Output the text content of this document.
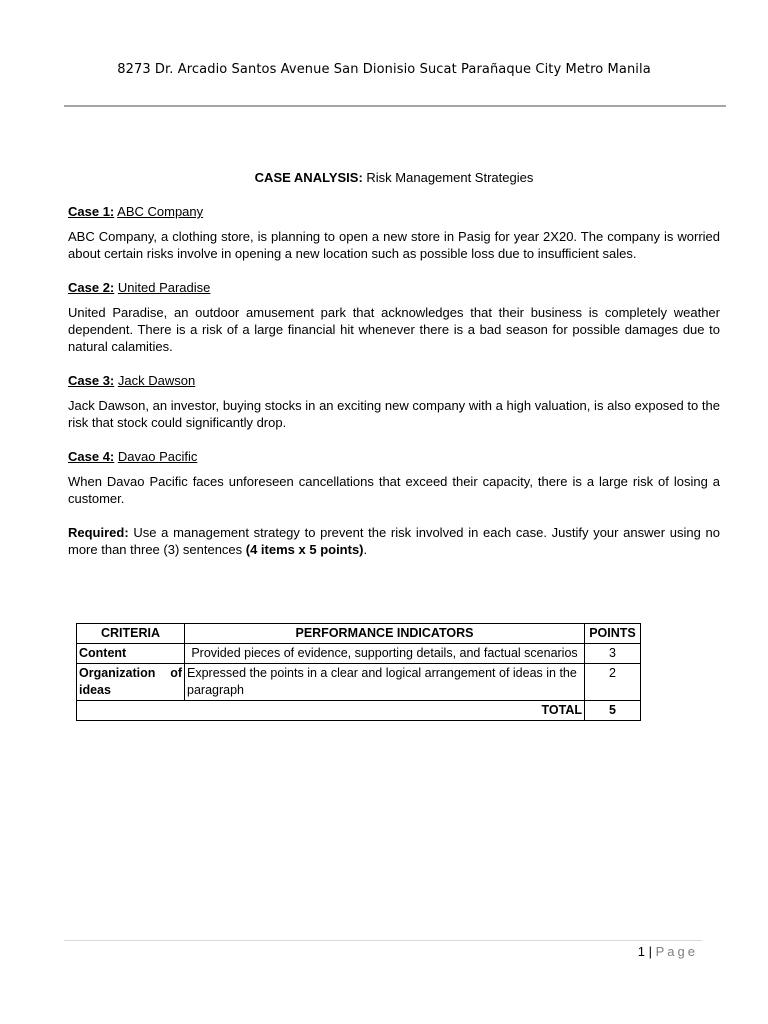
8273 Dr. Arcadio Santos Avenue San Dionisio Sucat Parañaque City Metro Manila

CASE ANALYSIS: Risk Management Strategies

Case 1: ABC Company

ABC Company, a clothing store, is planning to open a new store in Pasig for year 2X20. The company is worried about certain risks involve in opening a new location such as possible loss due to insufficient sales.

Case 2: United Paradise

United Paradise, an outdoor amusement park that acknowledges that their business is completely weather dependent. There is a risk of a large financial hit whenever there is a bad season for possible damages due to natural calamities.

Case 3: Jack Dawson

Jack Dawson, an investor, buying stocks in an exciting new company with a high valuation, is also exposed to the risk that stock could significantly drop.

Case 4: Davao Pacific

When Davao Pacific faces unforeseen cancellations that exceed their capacity, there is a large risk of losing a customer.

Required: Use a management strategy to prevent the risk involved in each case. Justify your answer using no more than three (3) sentences (4 items x 5 points).

CRITERIA	PERFORMANCE INDICATORS	POINTS
Content	Provided pieces of evidence, supporting details, and factual scenarios	3

Organization of
ideas	Expressed the points in a clear and logical arrangement of ideas in the paragraph	2
TOTAL		5
1 | Page
